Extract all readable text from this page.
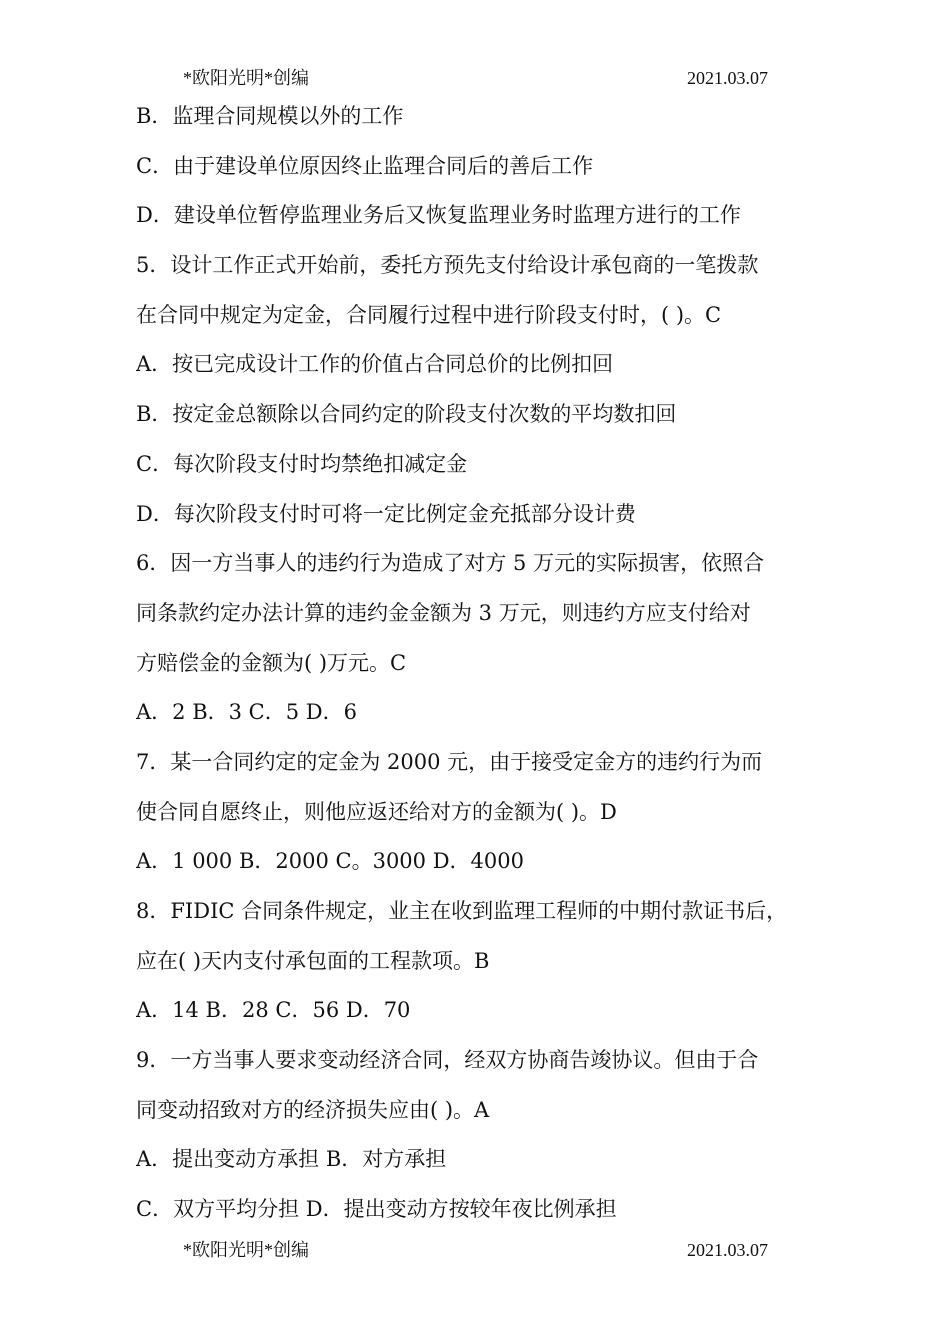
*欧阳光明*创编	2021.03.07
B．监理合同规模以外的工作
C．由于建设单位原因终止监理合同后的善后工作
D．建设单位暂停监理业务后又恢复监理业务时监理方进行的工作
5．设计工作正式开始前，委托方预先支付给设计承包商的一笔拨款
在合同中规定为定金，合同履行过程中进行阶段支付时，( )。C
A．按已完成设计工作的价值占合同总价的比例扣回
B．按定金总额除以合同约定的阶段支付次数的平均数扣回
C．每次阶段支付时均禁绝扣减定金
D．每次阶段支付时可将一定比例定金充抵部分设计费
6．因一方当事人的违约行为造成了对方 5 万元的实际损害，依照合
同条款约定办法计算的违约金金额为 3 万元，则违约方应支付给对
方赔偿金的金额为( )万元。C
A．2 B．3 C．5 D．6
7．某一合同约定的定金为 2000 元，由于接受定金方的违约行为而
使合同自愿终止，则他应返还给对方的金额为( )。D
A．1 000 B．2000 C。3000 D．4000
8．FIDIC 合同条件规定，业主在收到监理工程师的中期付款证书后，
应在( )天内支付承包面的工程款项。B
A．14 B．28 C．56 D．70
9．一方当事人要求变动经济合同，经双方协商告竣协议。但由于合
同变动招致对方的经济损失应由( )。A
A．提出变动方承担 B．对方承担
C．双方平均分担 D．提出变动方按较年夜比例承担
*欧阳光明*创编	2021.03.07
